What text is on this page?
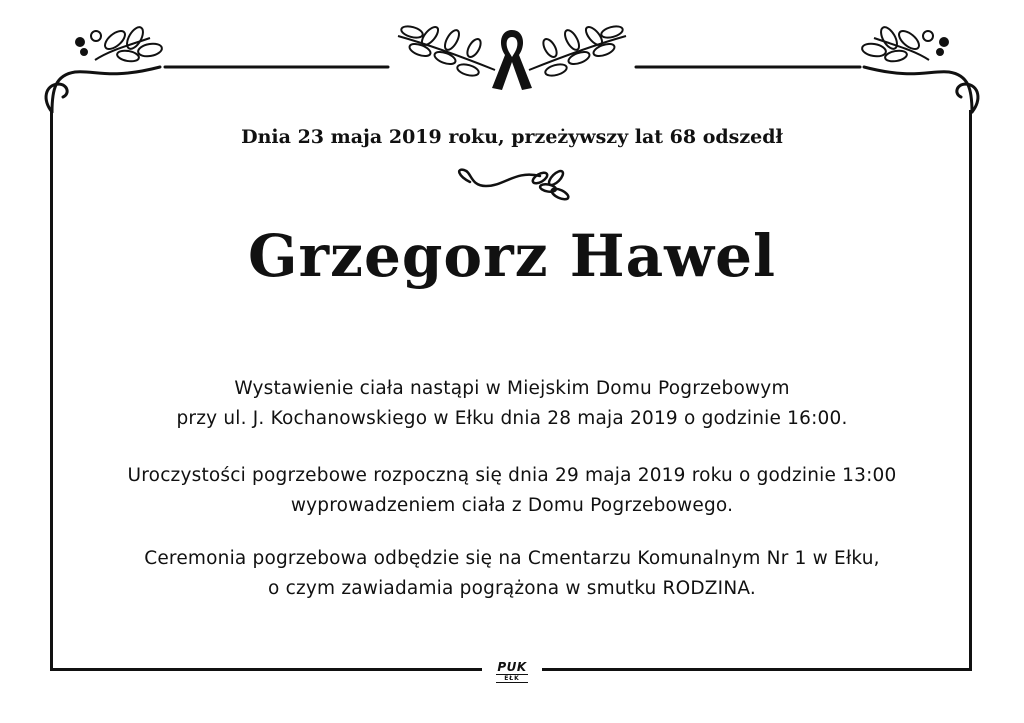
Dnia 23 maja 2019 roku, przeżywszy lat 68 odszedł
Grzegorz Hawel
Wystawienie ciała nastąpi w Miejskim Domu Pogrzebowym
przy ul. J. Kochanowskiego w Ełku dnia 28 maja 2019 o godzinie 16:00.
Uroczystości pogrzebowe rozpoczną się dnia 29 maja 2019 roku o godzinie 13:00
wyprowadzeniem ciała z Domu Pogrzebowego.
Ceremonia pogrzebowa odbędzie się na Cmentarzu Komunalnym Nr 1 w Ełku,
o czym zawiadamia pogrążona w smutku RODZINA.
PUK
EŁK
